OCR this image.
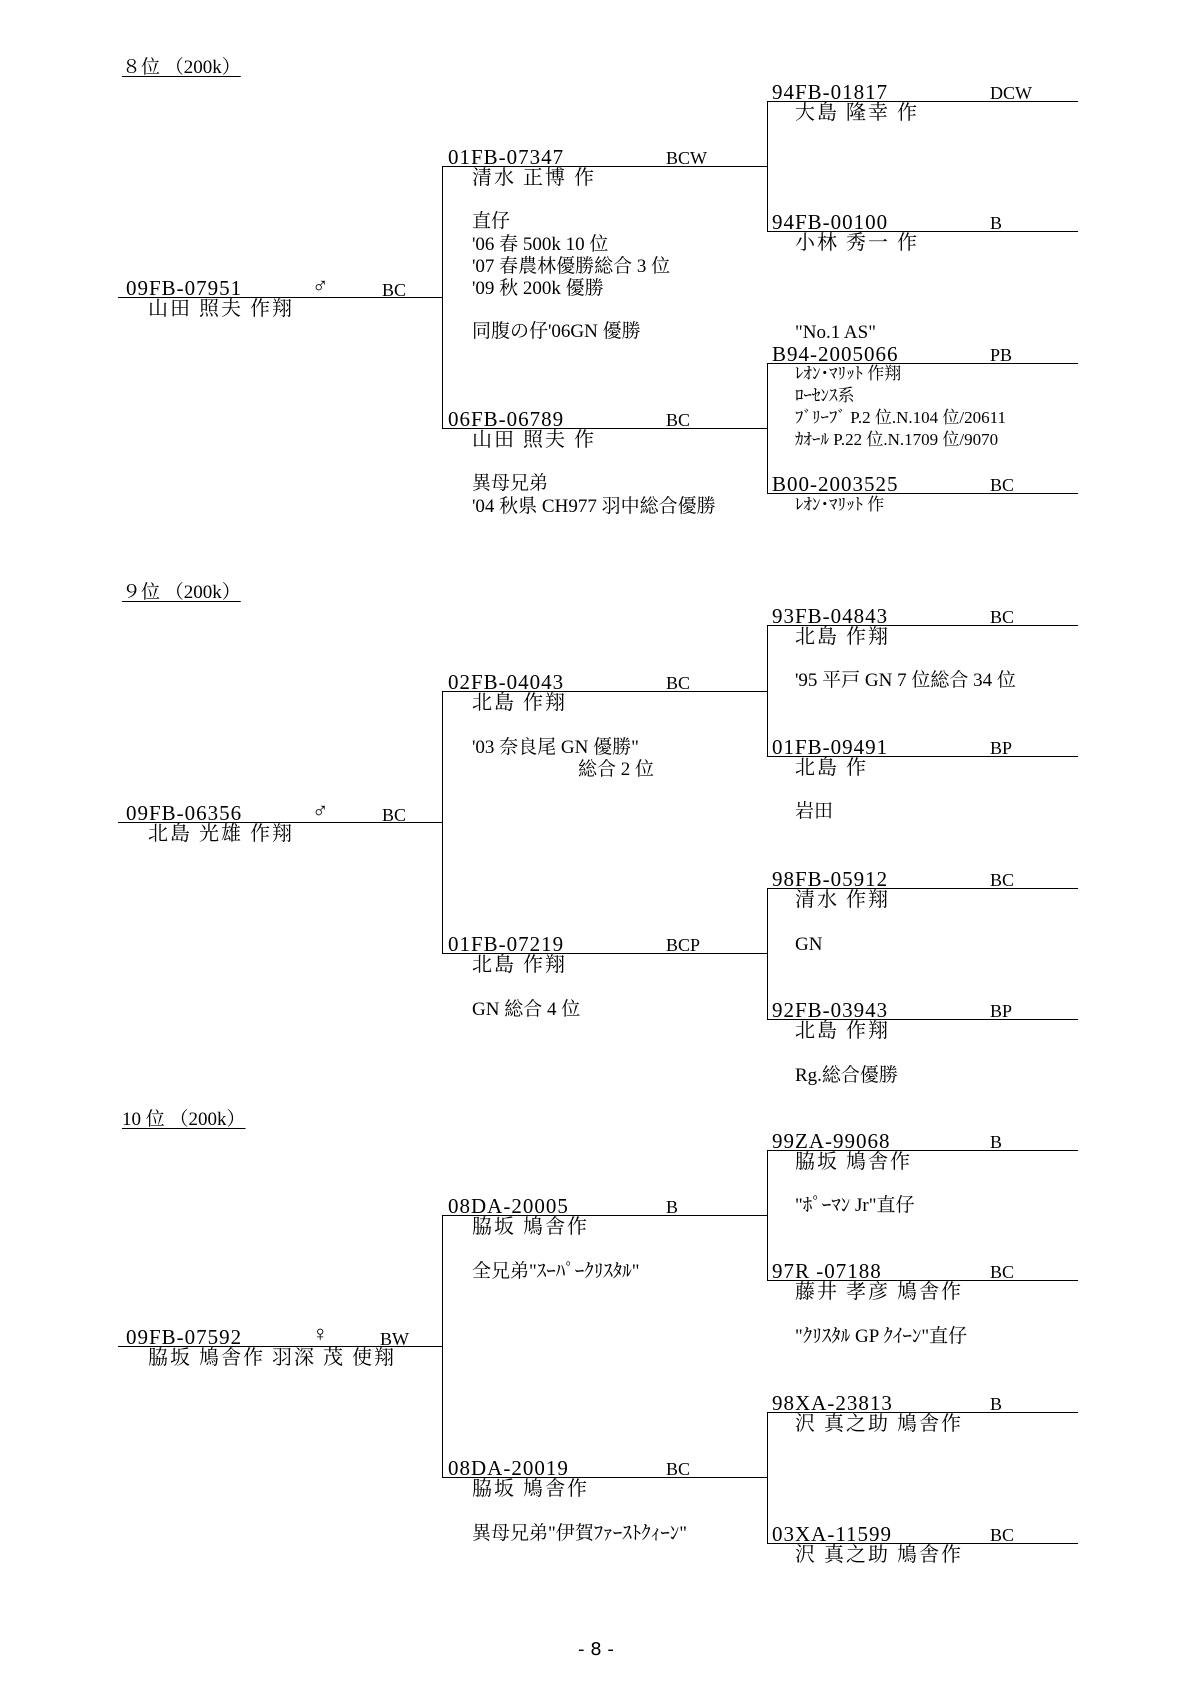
８位 （200k）
09FB-07951	♂	BC
山田 照夫 作翔
01FB-07347	BCW
清水 正博 作
直仔
'06 春 500k 10 位
'07 春農林優勝総合 3 位
'09 秋 200k 優勝
同腹の仔'06GN 優勝
06FB-06789	BC
山田 照夫 作
異母兄弟
'04 秋県 CH977 羽中総合優勝
94FB-01817	DCW
大島 隆幸 作
94FB-00100	B
小林 秀一 作
"No.1 AS"
B94-2005066	PB
ﾚｵﾝ･ﾏﾘｯﾄ 作翔
ﾛｰｾﾝｽ系
ﾌﾞﾘｰﾌﾞ P.2 位.N.104 位/20611
ｶｵｰﾙ P.22 位.N.1709 位/9070
B00-2003525	BC
ﾚｵﾝ･ﾏﾘｯﾄ 作
９位 （200k）
09FB-06356	♂	BC
北島 光雄 作翔
02FB-04043	BC
北島 作翔
'03 奈良尾 GN 優勝"
総合 2 位
01FB-07219	BCP
北島 作翔
GN 総合 4 位
93FB-04843	BC
北島 作翔
'95 平戸 GN 7 位総合 34 位
01FB-09491	BP
北島 作
岩田
98FB-05912	BC
清水 作翔
GN
92FB-03943	BP
北島 作翔
Rg.総合優勝
10 位 （200k）
09FB-07592	♀	BW
脇坂 鳩舎作 羽深 茂 使翔
08DA-20005	B
脇坂 鳩舎作
全兄弟"ｽｰﾊﾟｰｸﾘｽﾀﾙ"
08DA-20019	BC
脇坂 鳩舎作
異母兄弟"伊賀ﾌｧｰｽﾄｸｨｰﾝ"
99ZA-99068	B
脇坂 鳩舎作
"ﾎﾟｰﾏﾝ Jr"直仔
97R -07188	BC
藤井 孝彦 鳩舎作
"ｸﾘｽﾀﾙ GP ｸｲｰﾝ"直仔
98XA-23813	B
沢 真之助 鳩舎作
03XA-11599	BC
沢 真之助 鳩舎作
- 8 -
